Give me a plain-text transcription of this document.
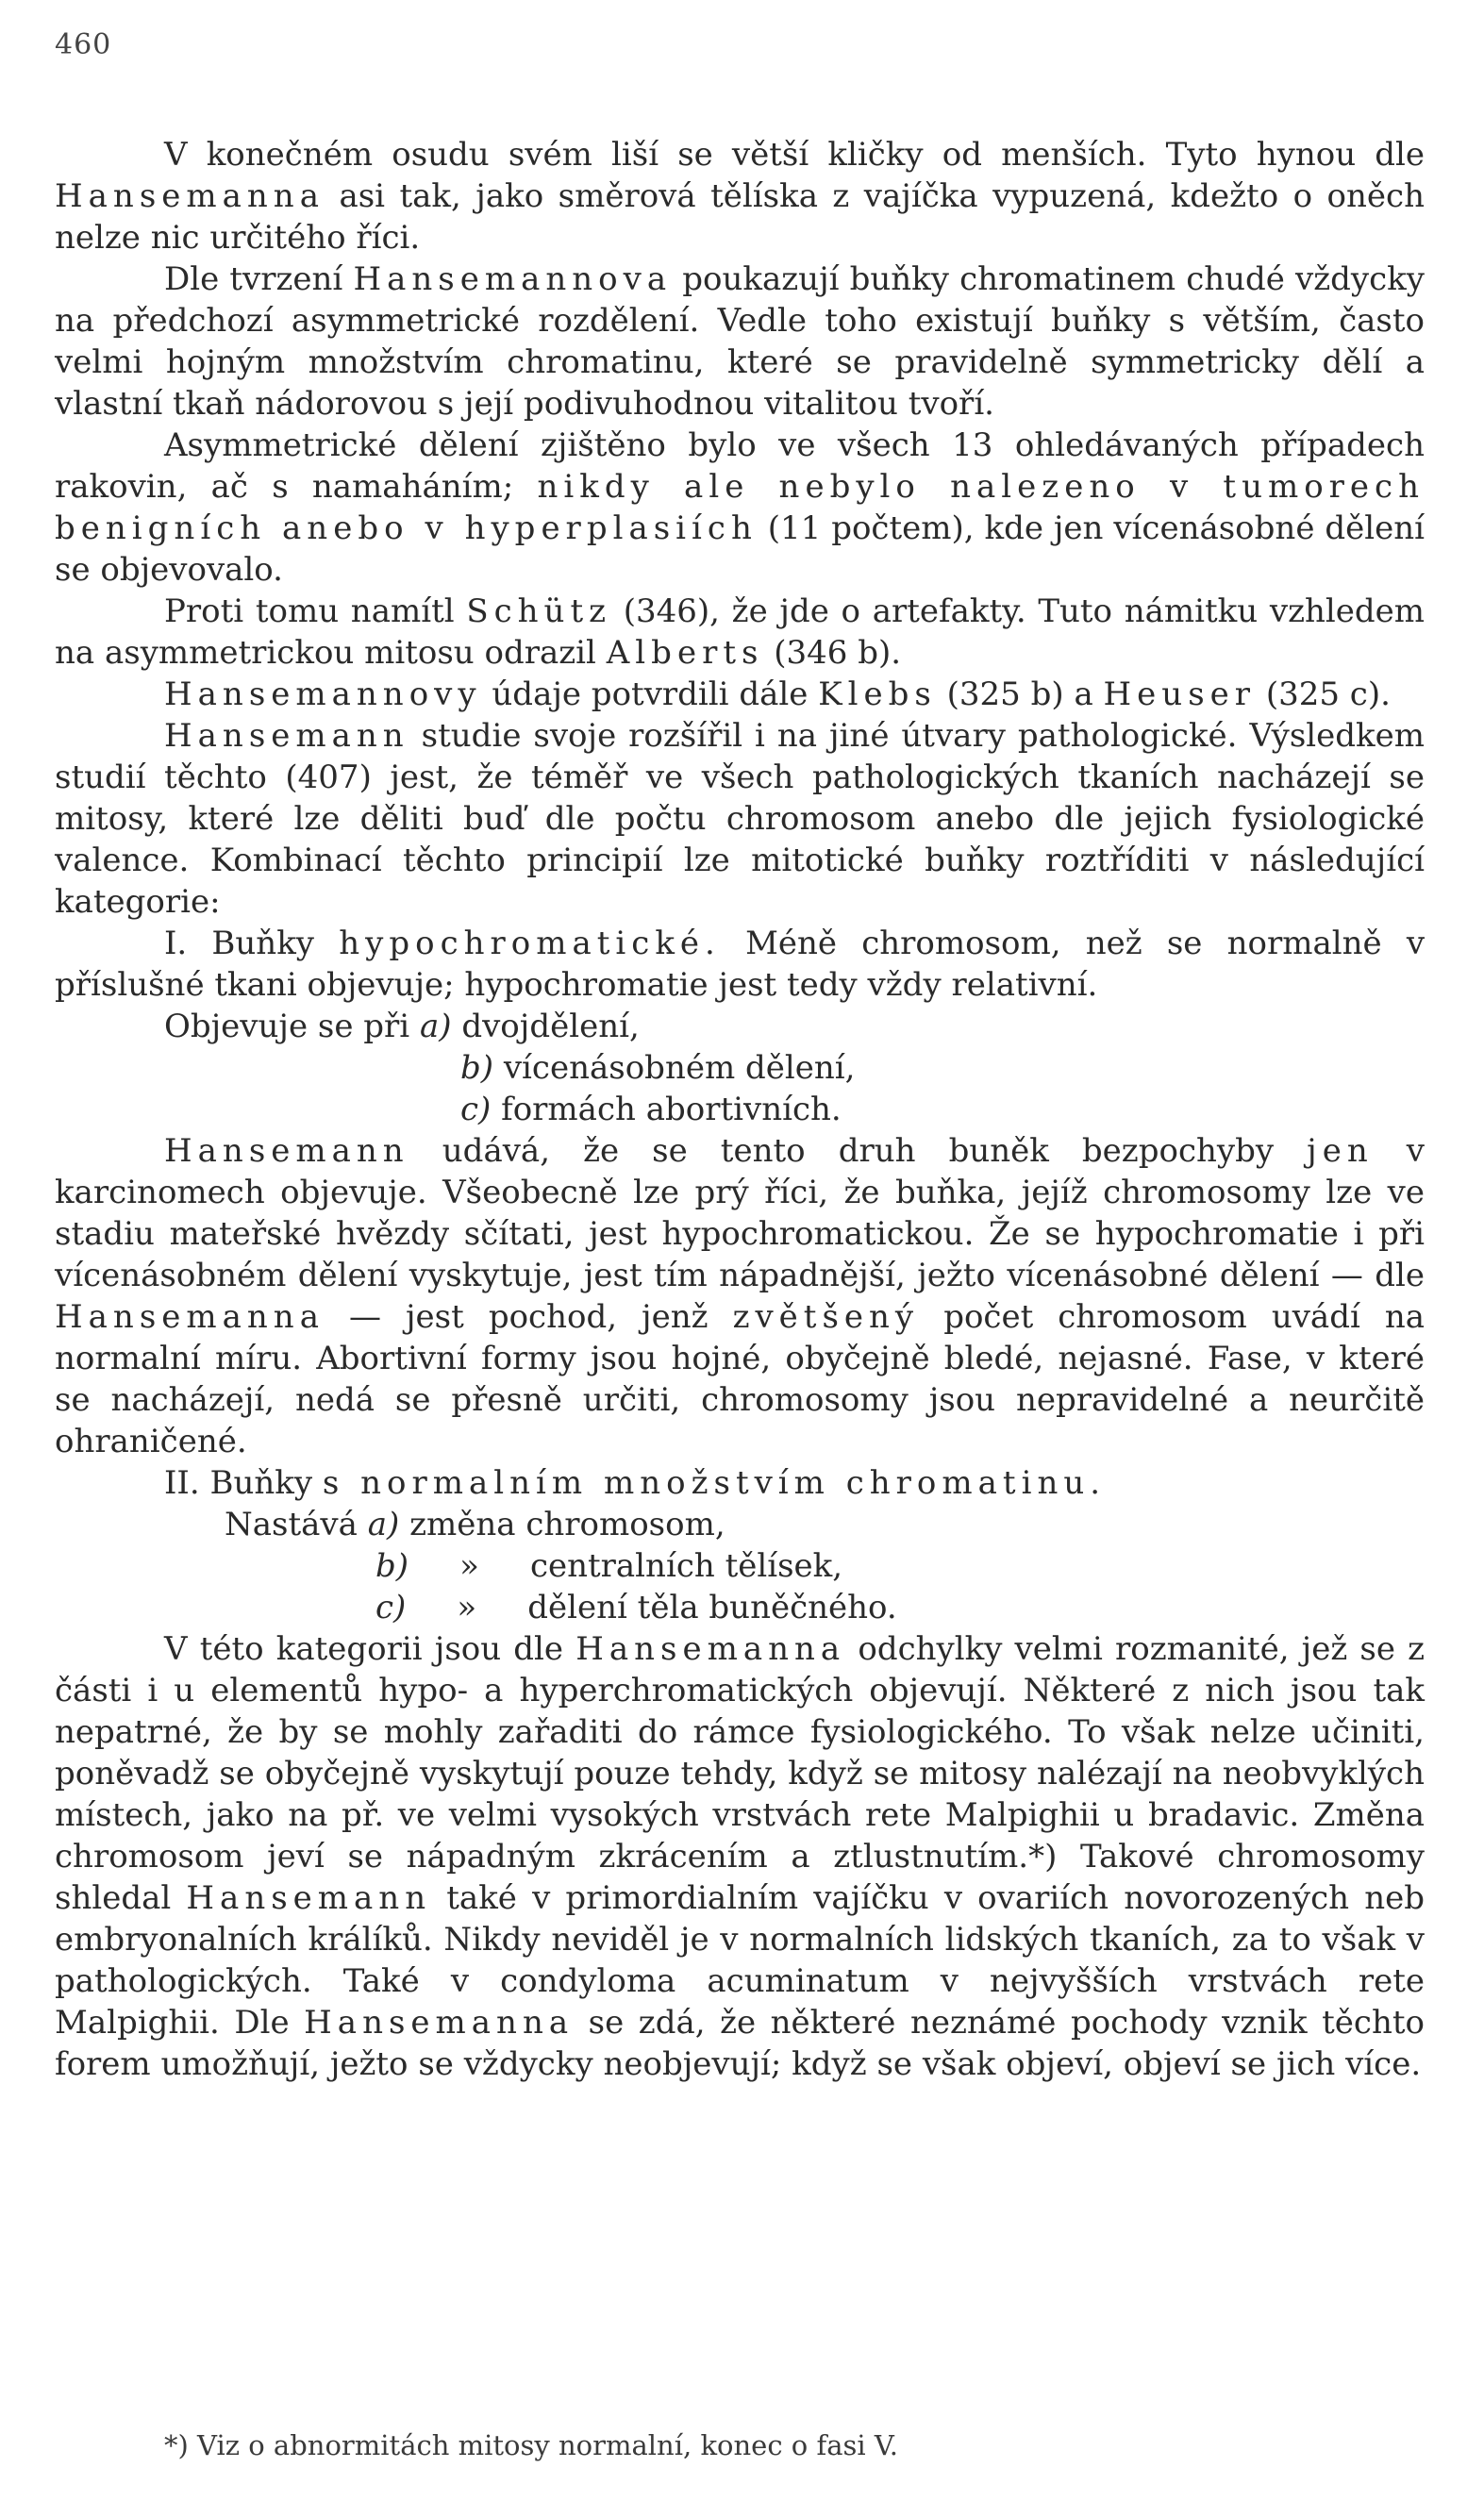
460

V konečném osudu svém liší se větší kličky od menších. Tyto hynou dle Hansemanna asi tak, jako směrová tělíska z vajíčka vypuzená, kdežto o oněch nelze nic určitého říci.

Dle tvrzení Hansemannova poukazují buňky chromatinem chudé vždycky na předchozí asymmetrické rozdělení. Vedle toho existují buňky s větším, často velmi hojným množstvím chromatinu, které se pravidelně symmetricky dělí a vlastní tkaň nádorovou s její podivuhodnou vitalitou tvoří.

Asymmetrické dělení zjištěno bylo ve všech 13 ohledávaných případech rakovin, ač s namaháním; nikdy ale nebylo nalezeno v tumorech benigních anebo v hyperplasiích (11 počtem), kde jen vícenásobné dělení se objevovalo.

Proti tomu namítl Schütz (346), že jde o artefakty. Tuto námitku vzhledem na asymmetrickou mitosu odrazil Alberts (346 b).

Hansemannovy údaje potvrdili dále Klebs (325 b) a Heuser (325 c).

Hansemann studie svoje rozšířil i na jiné útvary pathologické. Výsledkem studií těchto (407) jest, že téměř ve všech pathologických tkaních nacházejí se mitosy, které lze děliti buď dle počtu chromosom anebo dle jejich fysiologické valence. Kombinací těchto principií lze mitotické buňky roztříditi v následující kategorie:

I. Buňky hypochromatické. Méně chromosom, než se normalně v příslušné tkani objevuje; hypochromatie jest tedy vždy relativní.

Objevuje se při a) dvojdělení,

b) vícenásobném dělení,

c) formách abortivních.

Hansemann udává, že se tento druh buněk bezpochyby jen v karcinomech objevuje. Všeobecně lze prý říci, že buňka, jejíž chromosomy lze ve stadiu mateřské hvězdy sčítati, jest hypochromatickou. Že se hypochromatie i při vícenásobném dělení vyskytuje, jest tím nápadnější, ježto vícenásobné dělení — dle Hansemanna — jest pochod, jenž zvětšený počet chromosom uvádí na normalní míru. Abortivní formy jsou hojné, obyčejně bledé, nejasné. Fase, v které se nacházejí, nedá se přesně určiti, chromosomy jsou nepravidelné a neurčitě ohraničené.

II. Buňky s normalním množstvím chromatinu.

Nastává a) změna chromosom,

b) » centralních tělísek,

c) » dělení těla buněčného.

V této kategorii jsou dle Hansemanna odchylky velmi rozmanité, jež se z části i u elementů hypo- a hyperchromatických objevují. Některé z nich jsou tak nepatrné, že by se mohly zařaditi do rámce fysiologického. To však nelze učiniti, poněvadž se obyčejně vyskytují pouze tehdy, když se mitosy nalézají na neobvyklých místech, jako na př. ve velmi vysokých vrstvách rete Malpighii u bradavic. Změna chromosom jeví se nápadným zkrácením a ztlustnutím.*) Takové chromosomy shledal Hansemann také v primordialním vajíčku v ovariích novorozených neb embryonalních králíků. Nikdy neviděl je v normalních lidských tkaních, za to však v pathologických. Také v condyloma acuminatum v nejvyšších vrstvách rete Malpighii. Dle Hansemanna se zdá, že některé neznámé pochody vznik těchto forem umožňují, ježto se vždycky neobjevují; když se však objeví, objeví se jich více.

*) Viz o abnormitách mitosy normalní, konec o fasi V.
